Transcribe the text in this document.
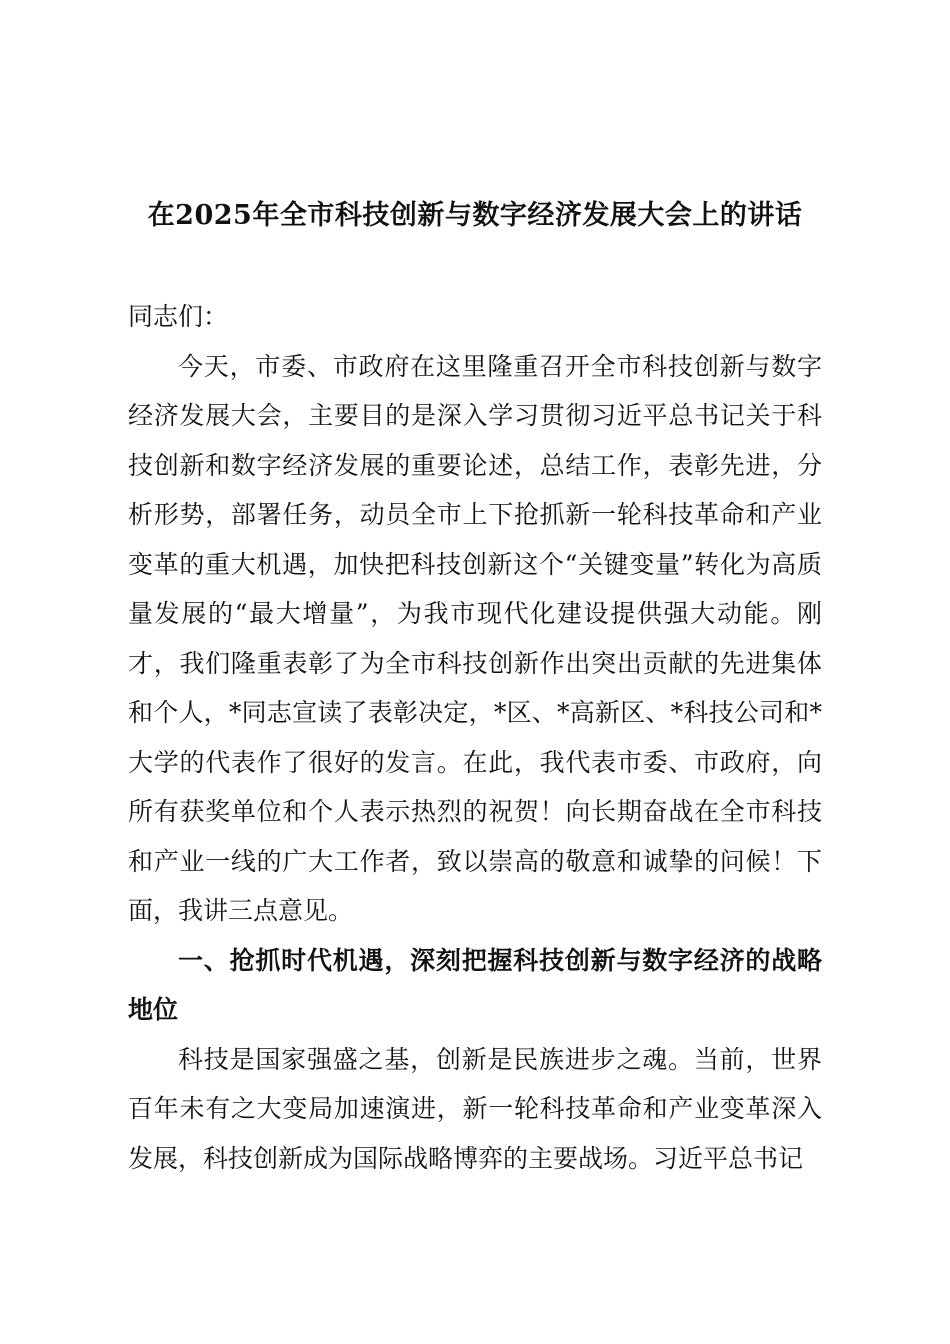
在2025年全市科技创新与数字经济发展大会上的讲话

同志们：

今天，市委、市政府在这里隆重召开全市科技创新与数字经济发展大会，主要目的是深入学习贯彻习近平总书记关于科技创新和数字经济发展的重要论述，总结工作，表彰先进，分析形势，部署任务，动员全市上下抢抓新一轮科技革命和产业变革的重大机遇，加快把科技创新这个“关键变量”转化为高质量发展的“最大增量”，为我市现代化建设提供强大动能。刚才，我们隆重表彰了为全市科技创新作出突出贡献的先进集体和个人，*同志宣读了表彰决定，*区、*高新区、*科技公司和*大学的代表作了很好的发言。在此，我代表市委、市政府，向所有获奖单位和个人表示热烈的祝贺！向长期奋战在全市科技和产业一线的广大工作者，致以崇高的敬意和诚挚的问候！下面，我讲三点意见。

一、抢抓时代机遇，深刻把握科技创新与数字经济的战略地位

科技是国家强盛之基，创新是民族进步之魂。当前，世界百年未有之大变局加速演进，新一轮科技革命和产业变革深入发展，科技创新成为国际战略博弈的主要战场。习近平总书记
